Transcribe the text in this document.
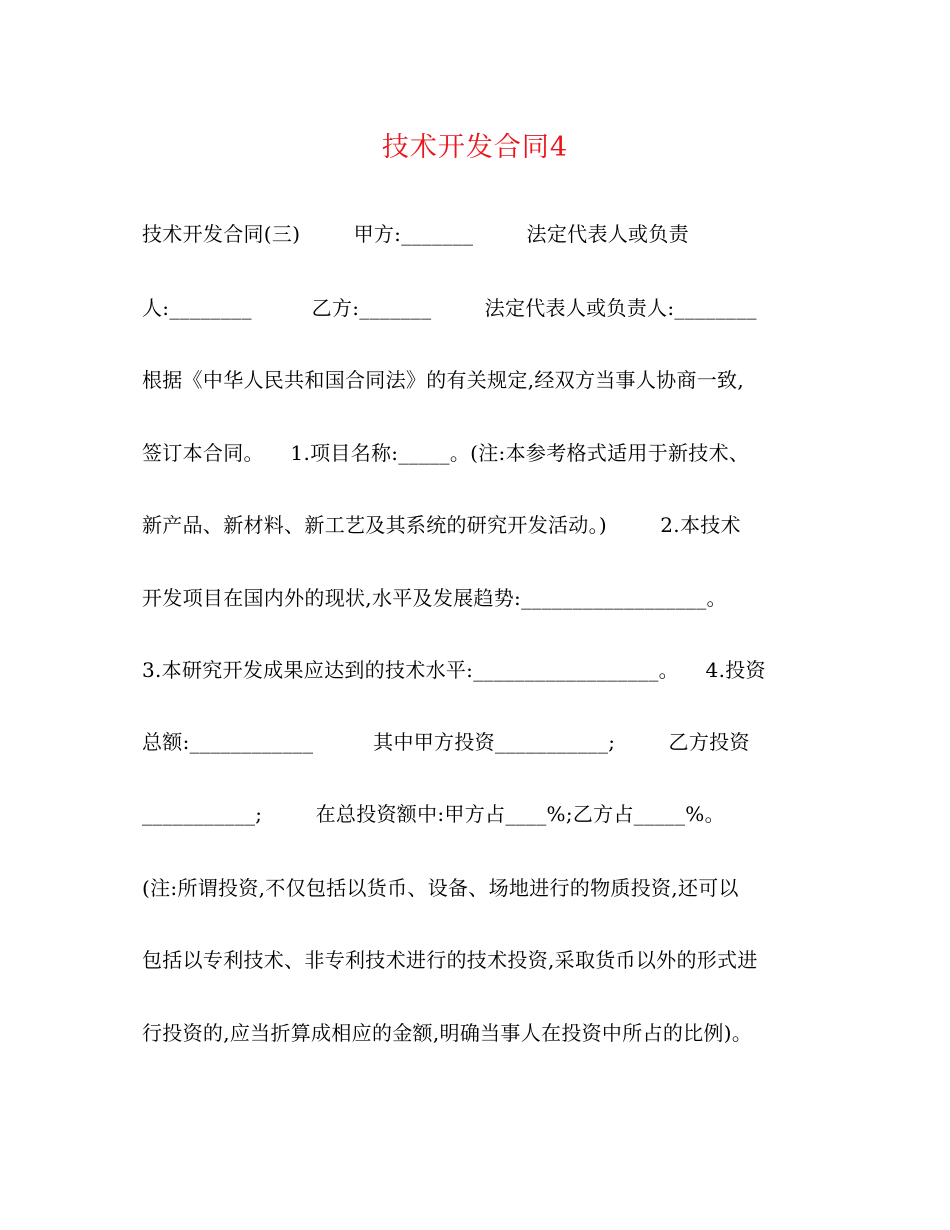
技术开发合同4
技术开发合同(三)        甲方:_______        法定代表人或负责
人:________         乙方:_______        法定代表人或负责人:________
根据《中华人民共和国合同法》的有关规定,经双方当事人协商一致,
签订本合同。    1.项目名称:_____。(注:本参考格式适用于新技术、
新产品、新材料、新工艺及其系统的研究开发活动。)        2.本技术
开发项目在国内外的现状,水平及发展趋势:__________________。
3.本研究开发成果应达到的技术水平:__________________。    4.投资
总额:____________         其中甲方投资___________;        乙方投资
___________;        在总投资额中:甲方占____%;乙方占_____%。
(注:所谓投资,不仅包括以货币、设备、场地进行的物质投资,还可以
包括以专利技术、非专利技术进行的技术投资,采取货币以外的形式进
行投资的,应当折算成相应的金额,明确当事人在投资中所占的比例)。
